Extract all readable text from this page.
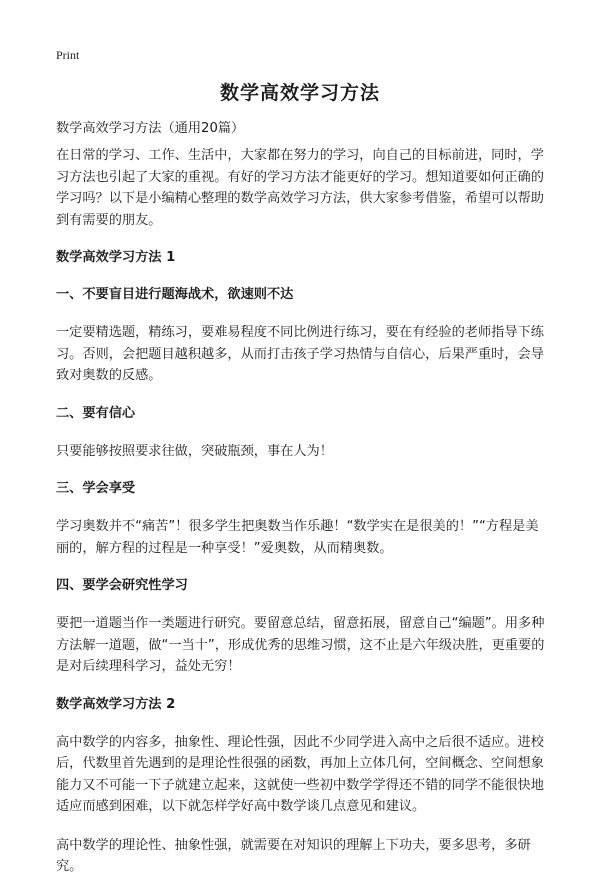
Print
数学高效学习方法
数学高效学习方法（通用20篇）
在日常的学习、工作、生活中，大家都在努力的学习，向自己的目标前进，同时，学习方法也引起了大家的重视。有好的学习方法才能更好的学习。想知道要如何正确的学习吗？以下是小编精心整理的数学高效学习方法，供大家参考借鉴，希望可以帮助到有需要的朋友。
数学高效学习方法 1
一、不要盲目进行题海战术，欲速则不达
一定要精选题，精练习，要难易程度不同比例进行练习，要在有经验的老师指导下练习。否则，会把题目越积越多，从而打击孩子学习热情与自信心，后果严重时，会导致对奥数的反感。
二、要有信心
只要能够按照要求往做，突破瓶颈，事在人为！
三、学会享受
学习奥数并不“痛苦”！很多学生把奥数当作乐趣！“数学实在是很美的！”“方程是美丽的，解方程的过程是一种享受！”爱奥数，从而精奥数。
四、要学会研究性学习
要把一道题当作一类题进行研究。要留意总结，留意拓展，留意自己“编题”。用多种方法解一道题，做“一当十”，形成优秀的思维习惯，这不止是六年级决胜，更重要的是对后续理科学习，益处无穷！
数学高效学习方法 2
高中数学的内容多，抽象性、理论性强，因此不少同学进入高中之后很不适应。进校后，代数里首先遇到的是理论性很强的函数，再加上立体几何，空间概念、空间想象能力又不可能一下子就建立起来，这就使一些初中数学学得还不错的同学不能很快地适应而感到困难，以下就怎样学好高中数学谈几点意见和建议。
高中数学的理论性、抽象性强，就需要在对知识的理解上下功夫，要多思考，多研究。
